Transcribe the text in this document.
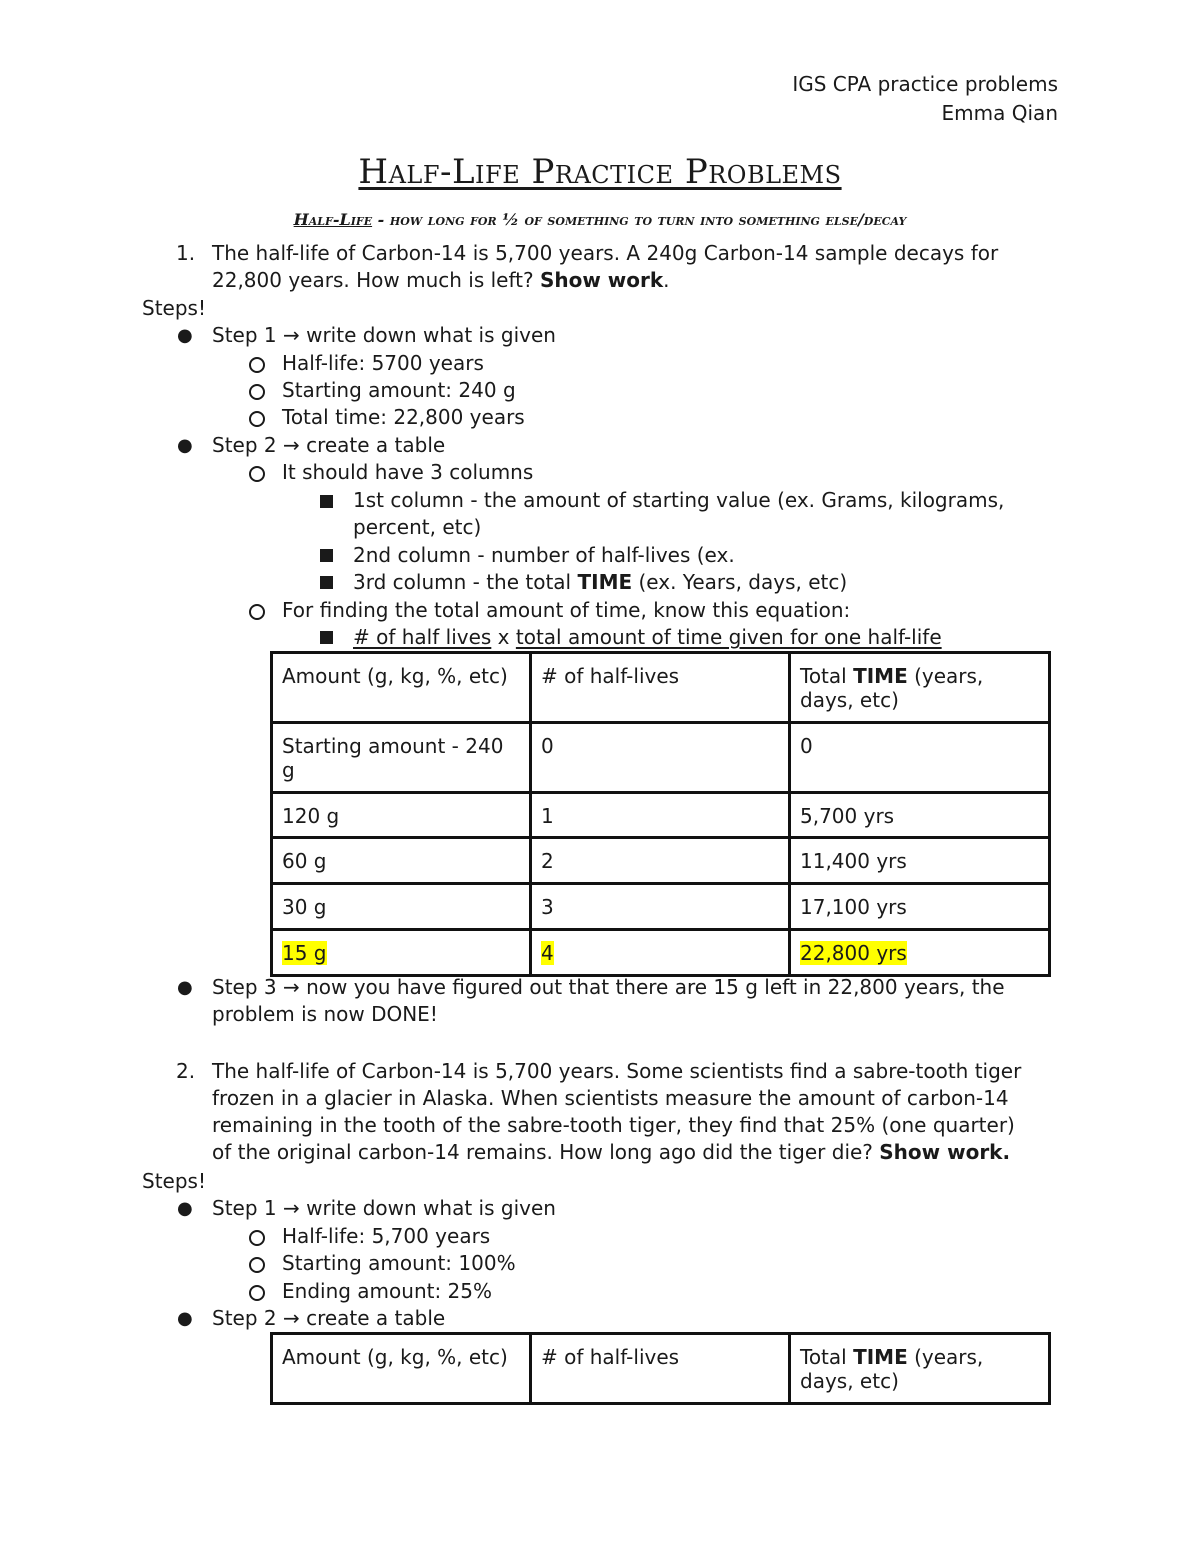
IGS CPA practice problems
Emma Qian
Half-Life Practice Problems
Half-Life - how long for ½ of something to turn into something else/decay
1. The half-life of Carbon-14 is 5,700 years. A 240g Carbon-14 sample decays for
22,800 years. How much is left? Show work.
Steps!
● Step 1 → write down what is given
Half-life: 5700 years
Starting amount: 240 g
Total time: 22,800 years
● Step 2 → create a table
It should have 3 columns
1st column - the amount of starting value (ex. Grams, kilograms,
percent, etc)
2nd column - number of half-lives (ex.
3rd column - the total TIME (ex. Years, days, etc)
For finding the total amount of time, know this equation:
# of half lives x total amount of time given for one half-life
Amount (g, kg, %, etc)	# of half-lives	Total TIME (years, days, etc)
Starting amount - 240 g	0	0
120 g	1	5,700 yrs
60 g	2	11,400 yrs
30 g	3	17,100 yrs
15 g	4	22,800 yrs
● Step 3 → now you have figured out that there are 15 g left in 22,800 years, the
problem is now DONE!
2. The half-life of Carbon-14 is 5,700 years. Some scientists find a sabre-tooth tiger
frozen in a glacier in Alaska. When scientists measure the amount of carbon-14
remaining in the tooth of the sabre-tooth tiger, they find that 25% (one quarter)
of the original carbon-14 remains. How long ago did the tiger die? Show work.
Steps!
● Step 1 → write down what is given
Half-life: 5,700 years
Starting amount: 100%
Ending amount: 25%
● Step 2 → create a table
Amount (g, kg, %, etc)	# of half-lives	Total TIME (years, days, etc)
